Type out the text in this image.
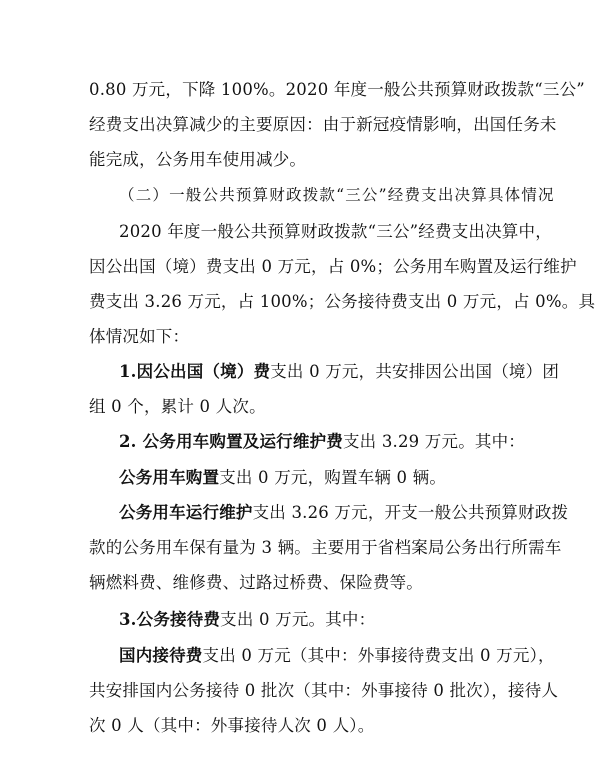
0.80 万元，下降 100%。2020 年度一般公共预算财政拨款“三公”
经费支出决算减少的主要原因：由于新冠疫情影响，出国任务未
能完成，公务用车使用减少。
（二）一般公共预算财政拨款“三公”经费支出决算具体情况
2020 年度一般公共预算财政拨款“三公”经费支出决算中，
因公出国（境）费支出 0 万元，占 0%；公务用车购置及运行维护
费支出 3.26 万元，占 100%；公务接待费支出 0 万元，占 0%。具
体情况如下：
1.因公出国（境）费支出 0 万元，共安排因公出国（境）团
组 0 个，累计 0 人次。
2. 公务用车购置及运行维护费支出 3.29 万元。其中：
公务用车购置支出 0 万元，购置车辆 0 辆。
公务用车运行维护支出 3.26 万元，开支一般公共预算财政拨
款的公务用车保有量为 3 辆。主要用于省档案局公务出行所需车
辆燃料费、维修费、过路过桥费、保险费等。
3.公务接待费支出 0 万元。其中：
国内接待费支出 0 万元（其中：外事接待费支出 0 万元），
共安排国内公务接待 0 批次（其中：外事接待 0 批次），接待人
次 0 人（其中：外事接待人次 0 人）。
